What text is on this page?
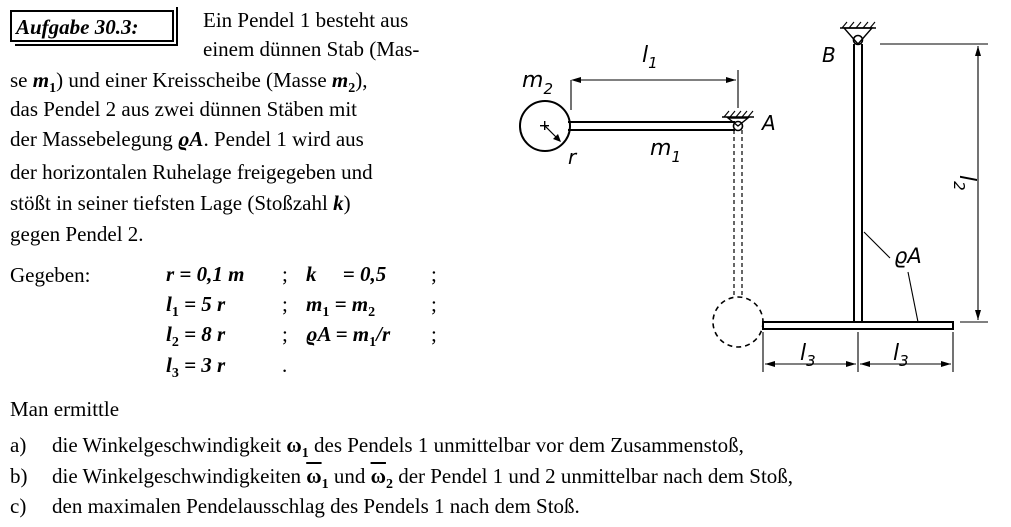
Aufgabe 30.3:	Ein Pendel 1 besteht aus
einem dünnen Stab (Mas-
se $m_1$) und einer Kreisscheibe (Masse $m_2$),
das Pendel 2 aus zwei dünnen Stäben mit
der Massebelegung ϱA. Pendel 1 wird aus
der horizontalen Ruhelage freigegeben und
stößt in seiner tiefsten Lage (Stoßzahl k)
gegen Pendel 2.
Gegeben:	r = 0,1 m ; k     = 0,5 ;
$l_1 = 5$ r	; $m_1 = m_2$	;
$l_2 = 8$ r	; $ϱA = m_1/r$ ;
$l_3 = 3$ r	.
Man ermittle
a) die Winkelgeschwindigkeit $\omega_1$ des Pendels 1 unmittelbar vor dem Zusammenstoß,
b) die Winkelgeschwindigkeiten $\overline{\omega}_1$ und $\overline{\omega}_2$ der Pendel 1 und 2 unmittelbar nach dem Stoß,
c) den maximalen Pendelausschlag des Pendels 1 nach dem Stoß.
$l_1$
$m_2$
A
B
$m_1$
r
$l_2$
ϱA
$l_3$	$l_3$
